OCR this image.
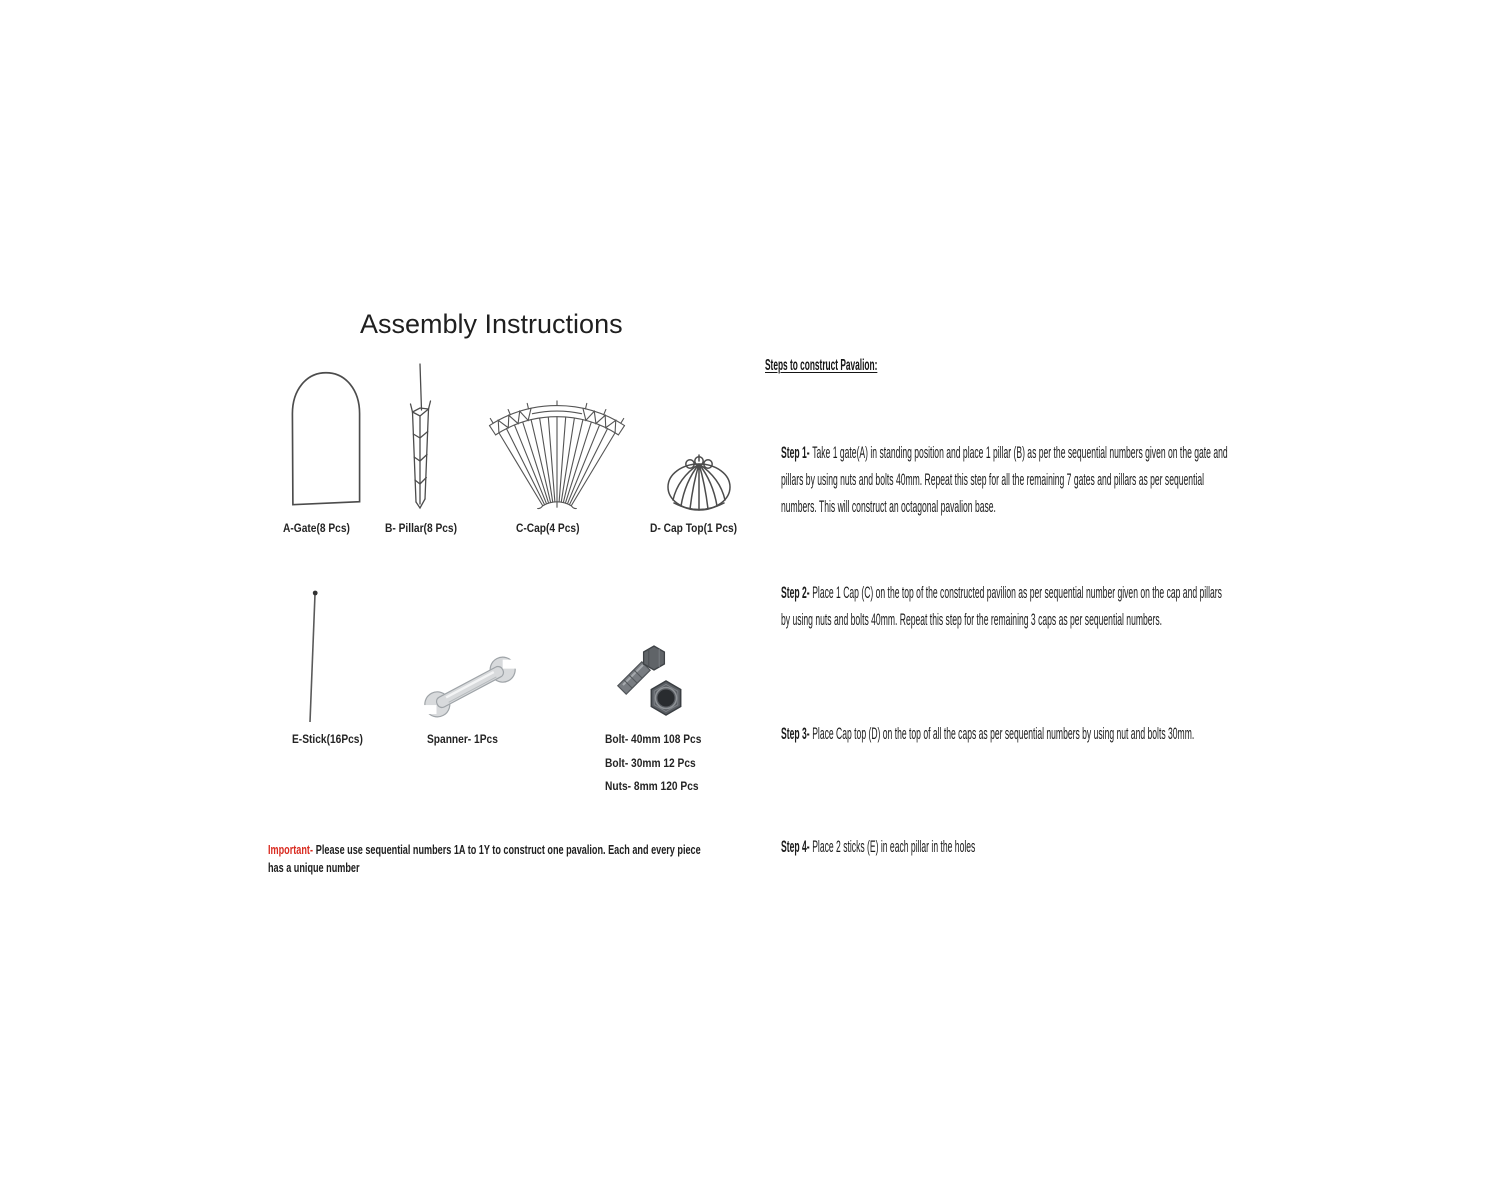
Assembly Instructions
A-Gate(8 Pcs)	B- Pillar(8 Pcs)	C-Cap(4 Pcs)	D- Cap Top(1 Pcs)
E-Stick(16Pcs)	Spanner- 1Pcs	Bolt- 40mm 108 Pcs
Bolt- 30mm 12 Pcs
Nuts- 8mm 120 Pcs
Important- Please use sequential numbers 1A to 1Y to construct one pavalion. Each and every piece has a unique number
Steps to construct Pavalion:
Step 1- Take 1 gate(A) in standing position and place 1 pillar (B) as per the sequential numbers given on the gate and pillars by using nuts and bolts 40mm. Repeat this step for all the remaining 7 gates and pillars as per sequential numbers. This will construct an octagonal pavalion base.
Step 2- Place 1 Cap (C) on the top of the constructed pavilion as per sequential number given on the cap and pillars by using nuts and bolts 40mm. Repeat this step for the remaining 3 caps as per sequential numbers.
Step 3- Place Cap top (D) on the top of all the caps as per sequential numbers by using nut and bolts 30mm.
Step 4- Place 2 sticks (E) in each pillar in the holes
